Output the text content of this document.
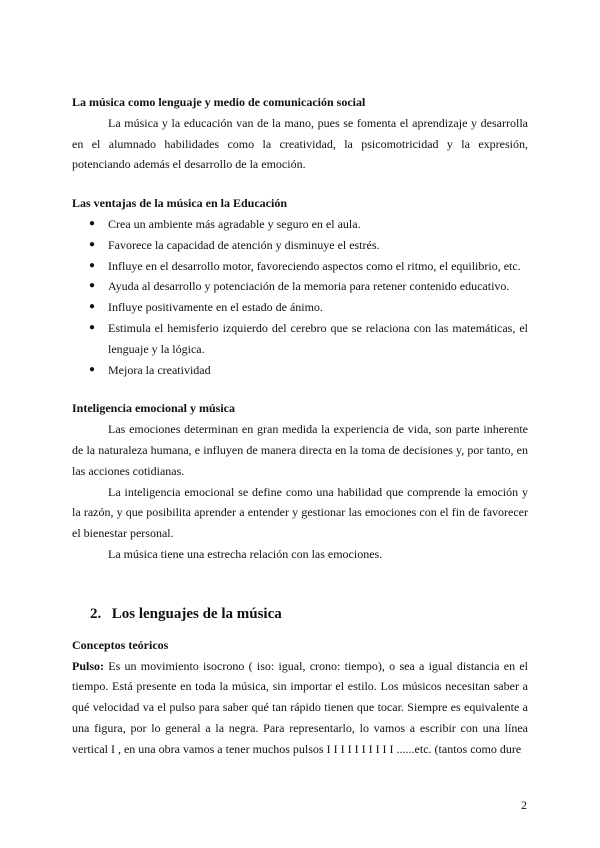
La música como lenguaje y medio de comunicación social

La música y la educación van de la mano, pues se fomenta el aprendizaje y desarrolla en el alumnado habilidades como la creatividad, la psicomotricidad y la expresión, potenciando además el desarrollo de la emoción.

Las ventajas de la música en la Educación
● Crea un ambiente más agradable y seguro en el aula.
● Favorece la capacidad de atención y disminuye el estrés.
● Influye en el desarrollo motor, favoreciendo aspectos como el ritmo, el equilibrio, etc.
● Ayuda al desarrollo y potenciación de la memoria para retener contenido educativo.
● Influye positivamente en el estado de ánimo.
● Estimula el hemisferio izquierdo del cerebro que se relaciona con las matemáticas, el lenguaje y la lógica.
● Mejora la creatividad
Inteligencia emocional y música

Las emociones determinan en gran medida la experiencia de vida, son parte inherente de la naturaleza humana, e influyen de manera directa en la toma de decisiones y, por tanto, en las acciones cotidianas.

La inteligencia emocional se define como una habilidad que comprende la emoción y la razón, y que posibilita aprender a entender y gestionar las emociones con el fin de favorecer el bienestar personal.

La música tiene una estrecha relación con las emociones.

2. Los lenguajes de la música
Conceptos teóricos

Pulso: Es un movimiento isocrono ( iso: igual, crono: tiempo), o sea a igual distancia en el tiempo. Está presente en toda la música, sin importar el estilo. Los músicos necesitan saber a qué velocidad va el pulso para saber qué tan rápido tienen que tocar. Siempre es equivalente a una figura, por lo general a la negra. Para representarlo, lo vamos a escribir con una línea vertical I , en una obra vamos a tener muchos pulsos I I I I I I I I I I ......etc. (tantos como dure

2
